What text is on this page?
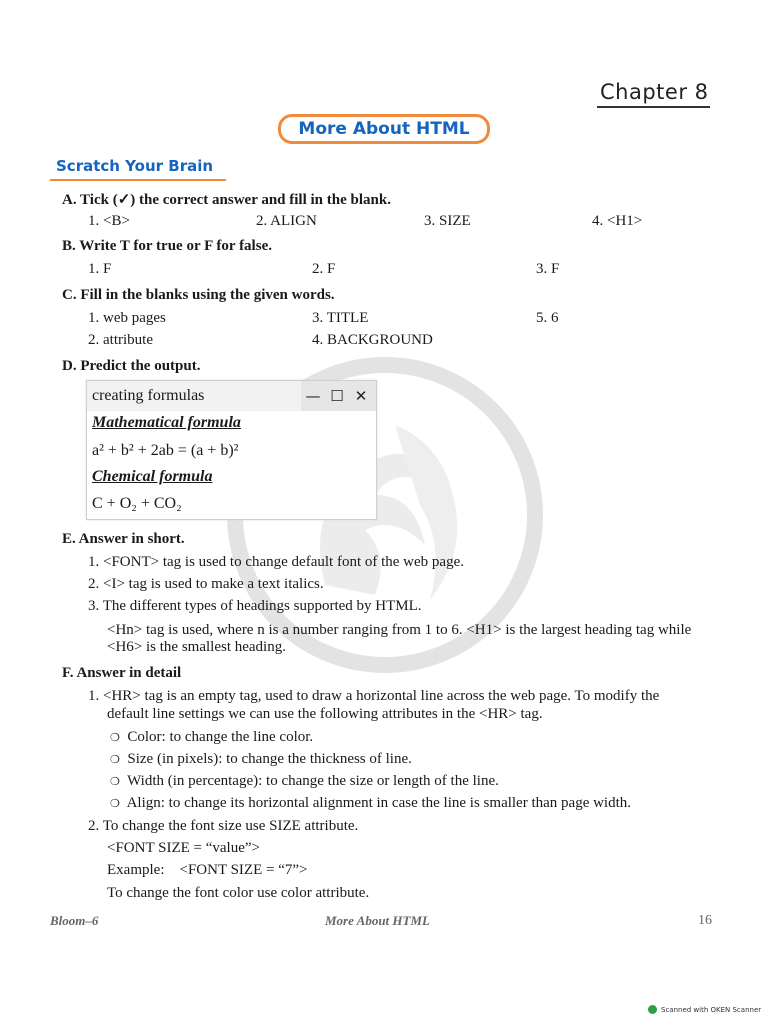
Chapter 8
More About HTML
Scratch Your Brain
A. Tick (✓) the correct answer and fill in the blank.
1. <B>	2. ALIGN	3. SIZE	4. <H1>
B. Write T for true or F for false.
1. F	2. F	3. F
C. Fill in the blanks using the given words.
1. web pages	3. TITLE	5. 6
2. attribute	4. BACKGROUND
D. Predict the output.
creating formulas	— ☐ ✕
Mathematical formula
a² + b² + 2ab = (a + b)²
Chemical formula
C + O₂ + CO₂
E. Answer in short.
1. <FONT> tag is used to change default font of the web page.
2. <I> tag is used to make a text italics.
3. The different types of headings supported by HTML.
<Hn> tag is used, where n is a number ranging from 1 to 6. <H1> is the largest heading tag while
<H6> is the smallest heading.
F. Answer in detail
1. <HR> tag is an empty tag, used to draw a horizontal line across the web page. To modify the
default line settings we can use the following attributes in the <HR> tag.
❍ Color: to change the line color.
❍ Size (in pixels): to change the thickness of line.
❍ Width (in percentage): to change the size or length of the line.
❍ Align: to change its horizontal alignment in case the line is smaller than page width.
2. To change the font size use SIZE attribute.
<FONT SIZE = “value”>
Example:    <FONT SIZE = “7”>
To change the font color use color attribute.
Bloom–6	More About HTML	16
Scanned with OKEN Scanner
